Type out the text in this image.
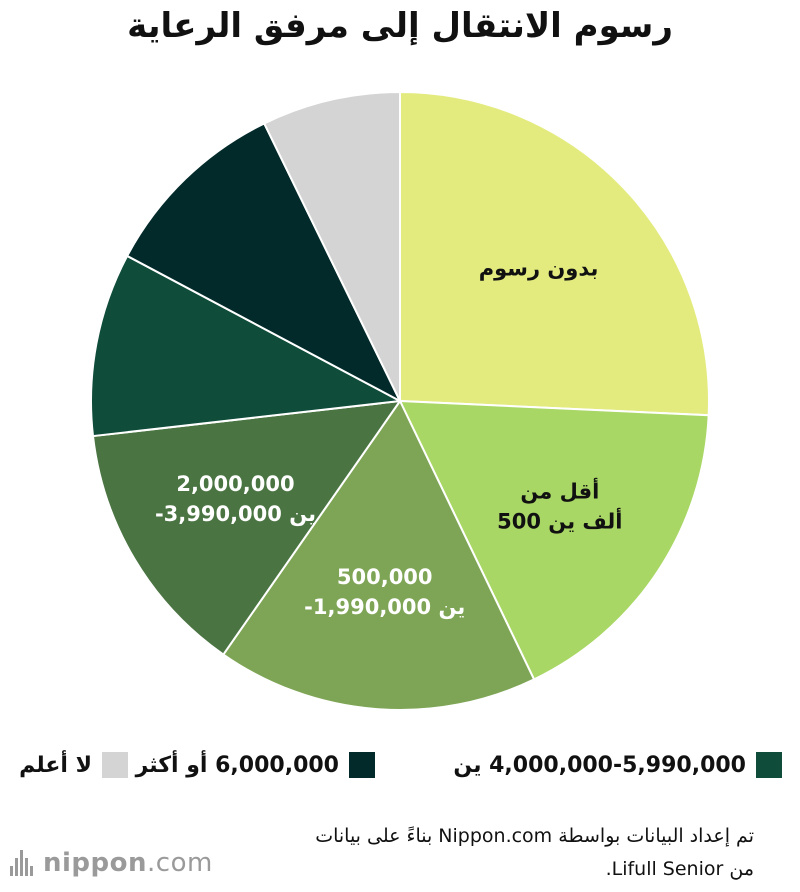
رسوم الانتقال إلى مرفق الرعاية
بدون رسوم
أقل من 500 ألف ين
500,000 -1,990,000 ين
2,000,000 -3,990,000 ين
4,000,000-5,990,000 ين
6,000,000 أو أكثر
لا أعلم
تم إعداد البيانات بواسطة Nippon.com بناءً على بيانات
من Lifull Senior.
nippon .com
